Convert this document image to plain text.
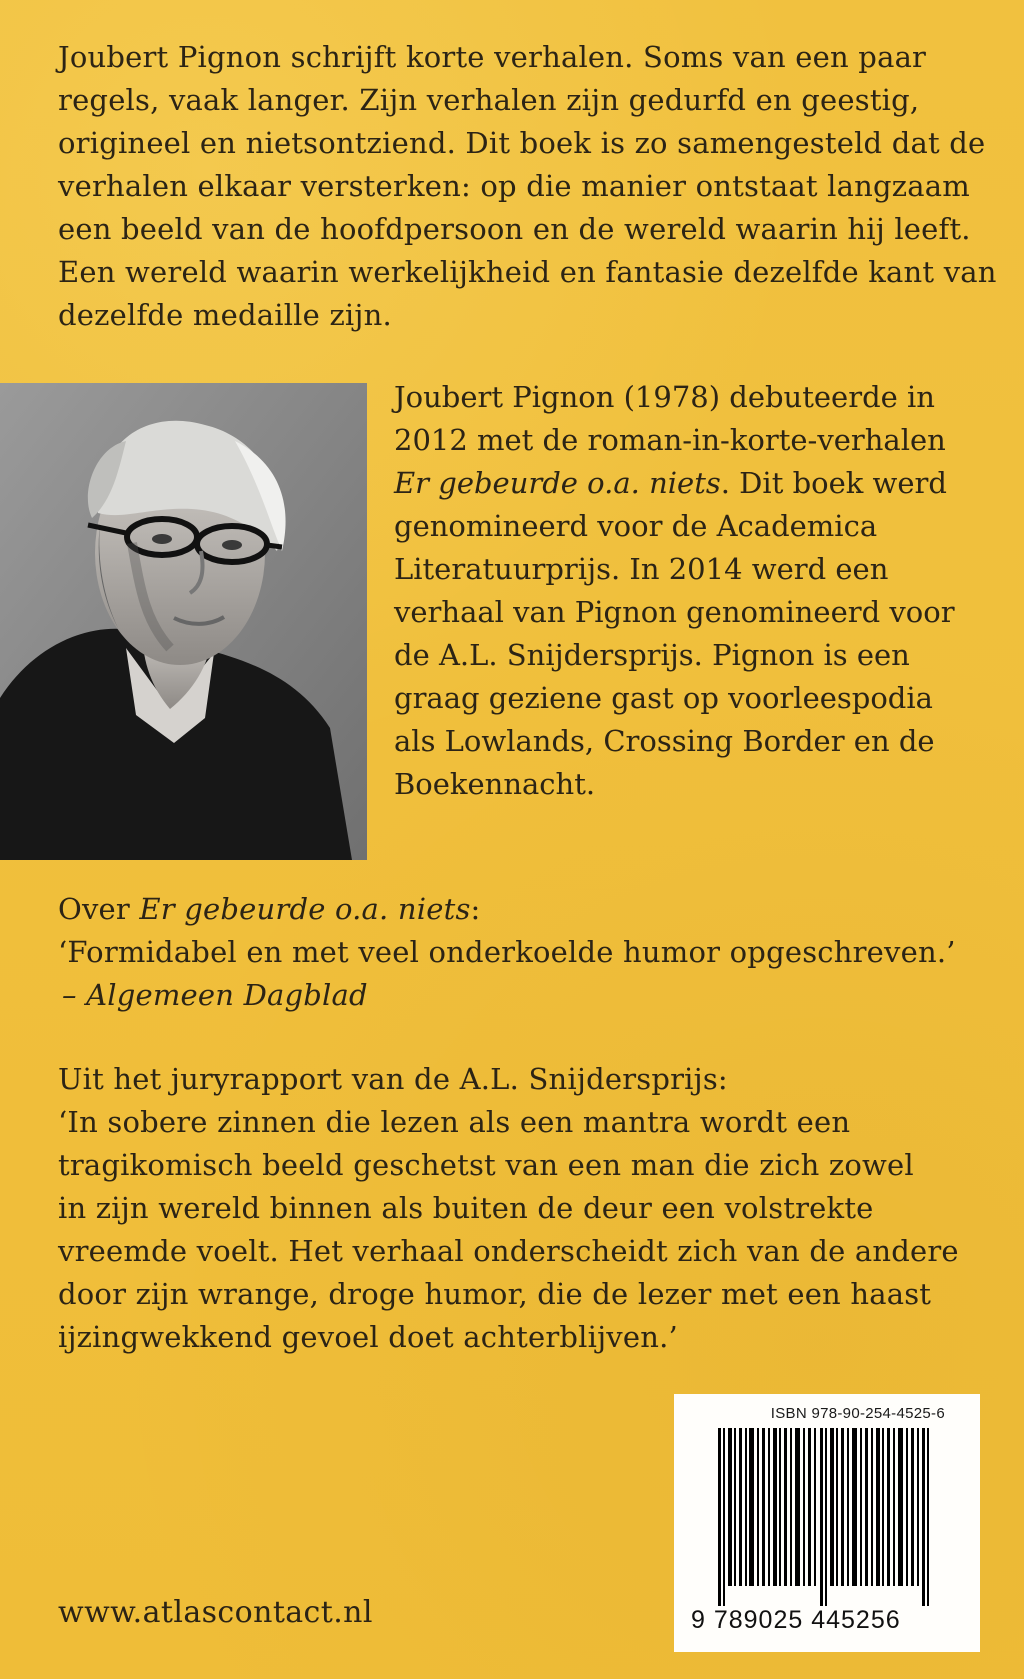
Joubert Pignon schrijft korte verhalen. Soms van een paar
regels, vaak langer. Zijn verhalen zijn gedurfd en geestig,
origineel en nietsontziend. Dit boek is zo samengesteld dat de
verhalen elkaar versterken: op die manier ontstaat langzaam
een beeld van de hoofdpersoon en de wereld waarin hij leeft.
Een wereld waarin werkelijkheid en fantasie dezelfde kant van
dezelfde medaille zijn.

Joubert Pignon (1978) debuteerde in
2012 met de roman-in-korte-verhalen
Er gebeurde o.a. niets. Dit boek werd
genomineerd voor de Academica
Literatuurprijs. In 2014 werd een
verhaal van Pignon genomineerd voor
de A.L. Snijdersprijs. Pignon is een
graag geziene gast op voorleespodia
als Lowlands, Crossing Border en de
Boekennacht.

Over Er gebeurde o.a. niets:
‘Formidabel en met veel onderkoelde humor opgeschreven.’
– Algemeen Dagblad

Uit het juryrapport van de A.L. Snijdersprijs:
‘In sobere zinnen die lezen als een mantra wordt een
tragikomisch beeld geschetst van een man die zich zowel
in zijn wereld binnen als buiten de deur een volstrekte
vreemde voelt. Het verhaal onderscheidt zich van de andere
door zijn wrange, droge humor, die de lezer met een haast
ijzingwekkend gevoel doet achterblijven.’

ISBN 978-90-254-4525-6
9 789025 445256
www.atlascontact.nl
